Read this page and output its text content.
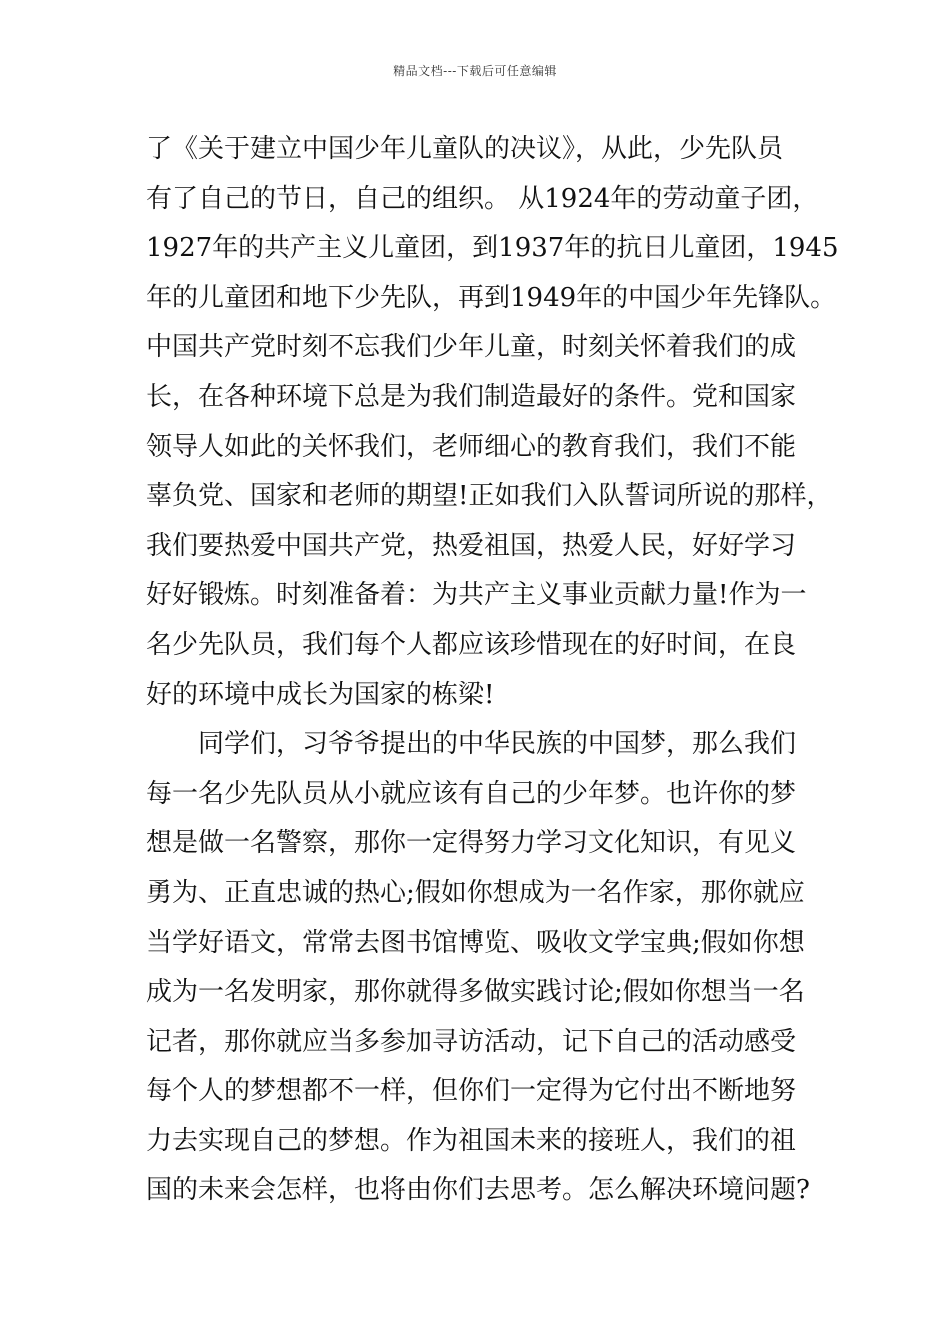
精品文档---下载后可任意编辑
了《关于建立中国少年儿童队的决议》，从此，少先队员
有了自己的节日，自己的组织。 从1924年的劳动童子团，
1927年的共产主义儿童团，到1937年的抗日儿童团，1945
年的儿童团和地下少先队，再到1949年的中国少年先锋队。
中国共产党时刻不忘我们少年儿童，时刻关怀着我们的成
长，在各种环境下总是为我们制造最好的条件。党和国家
领导人如此的关怀我们，老师细心的教育我们，我们不能
辜负党、国家和老师的期望!正如我们入队誓词所说的那样，
我们要热爱中国共产党，热爱祖国，热爱人民，好好学习
好好锻炼。时刻准备着：为共产主义事业贡献力量!作为一
名少先队员，我们每个人都应该珍惜现在的好时间，在良
好的环境中成长为国家的栋梁!
同学们，习爷爷提出的中华民族的中国梦，那么我们
每一名少先队员从小就应该有自己的少年梦。也许你的梦
想是做一名警察，那你一定得努力学习文化知识，有见义
勇为、正直忠诚的热心;假如你想成为一名作家，那你就应
当学好语文，常常去图书馆博览、吸收文学宝典;假如你想
成为一名发明家，那你就得多做实践讨论;假如你想当一名
记者，那你就应当多参加寻访活动，记下自己的活动感受
每个人的梦想都不一样，但你们一定得为它付出不断地努
力去实现自己的梦想。作为祖国未来的接班人，我们的祖
国的未来会怎样，也将由你们去思考。怎么解决环境问题?
